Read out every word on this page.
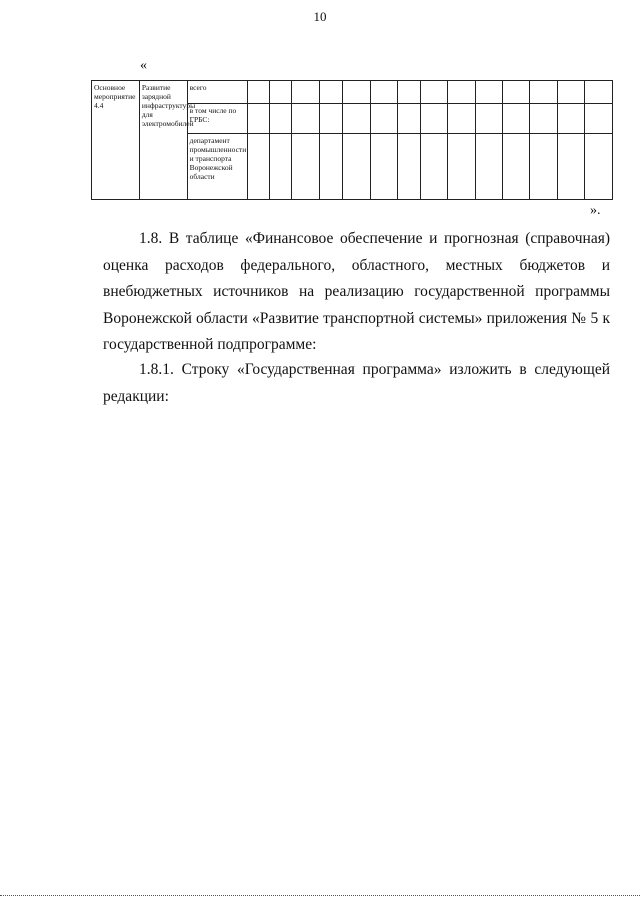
10
«
Основное мероприятие 4.4	Развитие зарядной инфраструктуры для электромобилей	всего														
		в том числе по ГРБС:														
		департамент промышленности и транспорта Воронежской области														
».

1.8. В таблице «Финансовое обеспечение и прогнозная (справочная) оценка расходов федерального, областного, местных бюджетов и внебюджетных источников на реализацию государственной программы Воронежской области «Развитие транспортной системы» приложения № 5 к государственной подпрограмме:

1.8.1. Строку «Государственная программа» изложить в следующей редакции:
